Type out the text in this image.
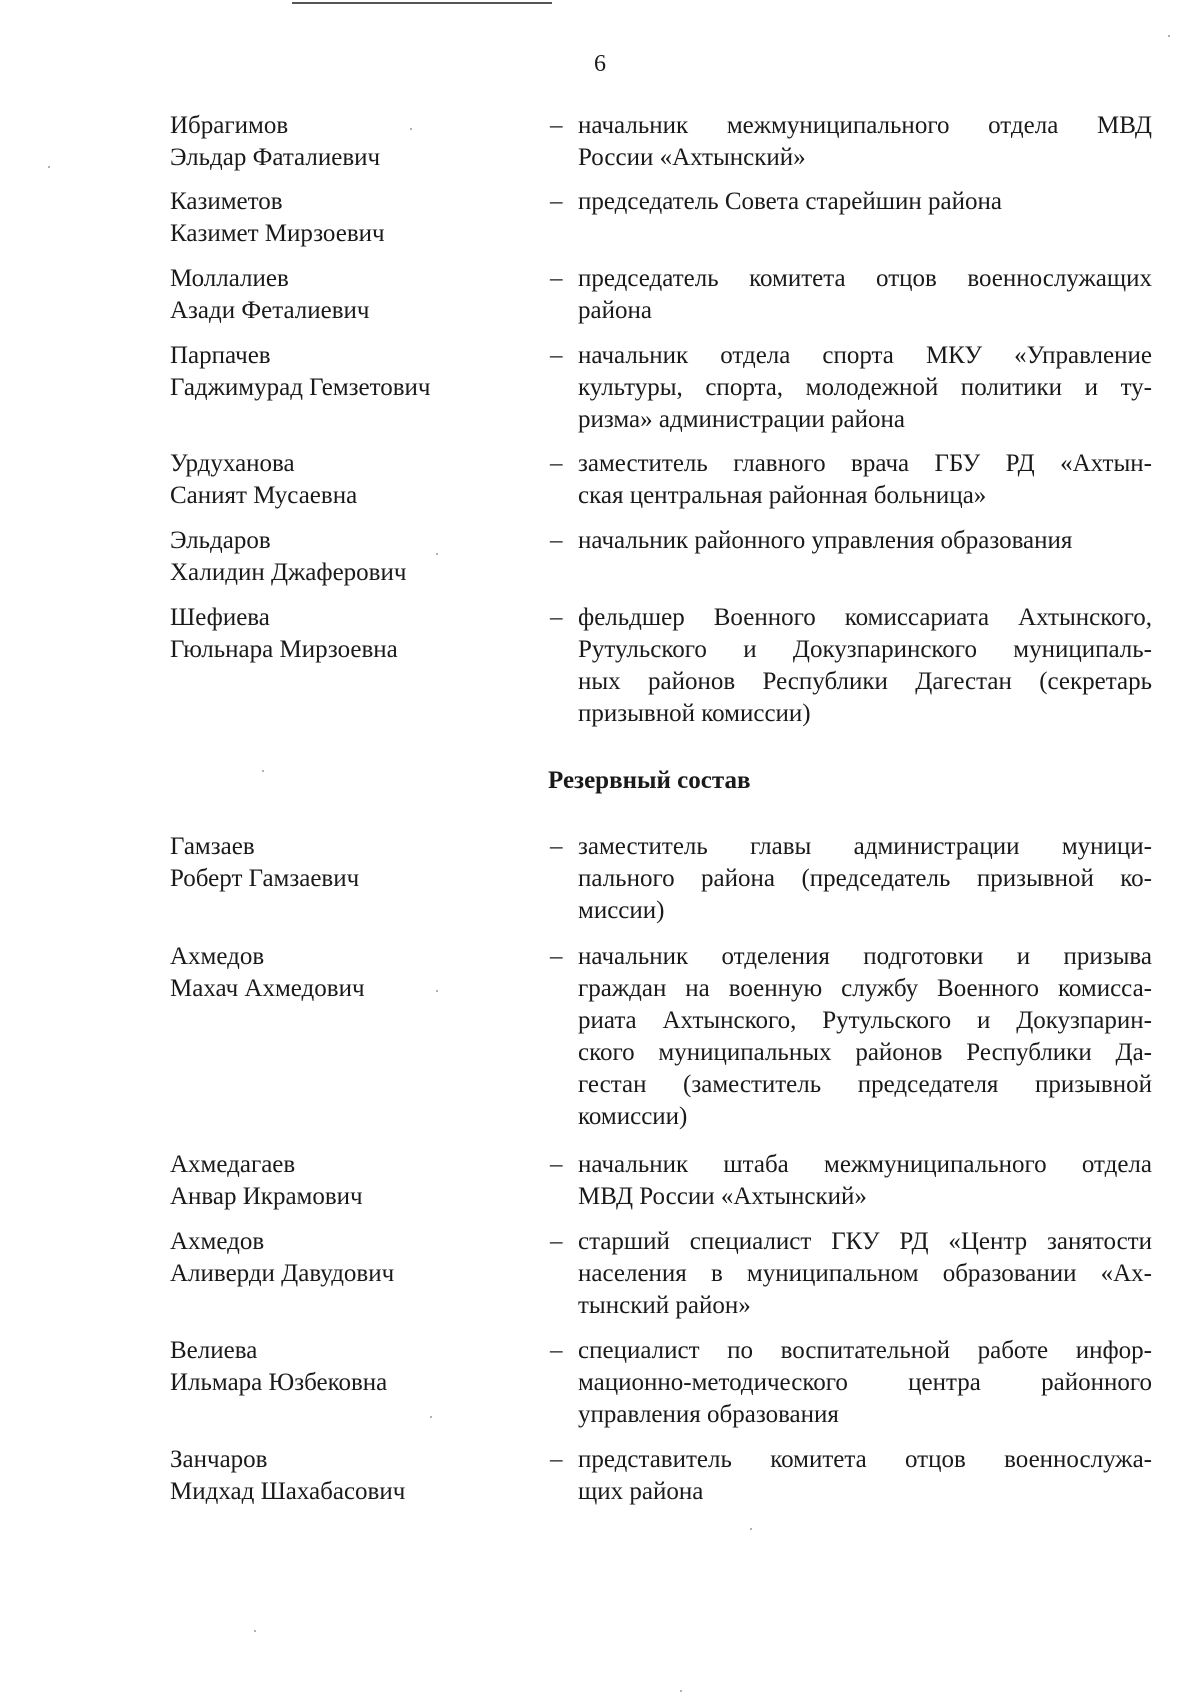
6
Ибрагимов
Эльдар Фаталиевич
– начальник межмуниципального отдела МВД
России «Ахтынский»
Казиметов
Казимет Мирзоевич
– председатель Совета старейшин района
Моллалиев
Азади Фeталиевич
– председатель комитета отцов военнослужащих
района
Парпачев
Гаджимурад Гемзетович
– начальник отдела спорта МКУ «Управление
культуры, спорта, молодежной политики и ту-
ризма» администрации района
Урдуханова
Саният Мусаевна
– заместитель главного врача ГБУ РД «Ахтын-
ская центральная районная больница»
Эльдаров
Халидин Джаферович
– начальник районного управления образования
Шефиева
Гюльнара Мирзоевна
– фельдшер Военного комиссариата Ахтынского,
Рутульского и Докузпаринского муниципаль-
ных районов Республики Дагестан (секретарь
призывной комиссии)
Резервный состав
Гамзаев
Роберт Гамзаевич
– заместитель главы администрации муници-
пального района (председатель призывной ко-
миссии)
Ахмедов
Махач Ахмедович
– начальник отделения подготовки и призыва
граждан на военную службу Военного комисса-
риата Ахтынского, Рутульского и Докузпарин-
ского муниципальных районов Республики Да-
гестан (заместитель председателя призывной
комиссии)
Ахмедагаев
Анвар Икрамович
– начальник штаба межмуниципального отдела
МВД России «Ахтынский»
Ахмедов
Аливерди Давудович
– старший специалист ГКУ РД «Центр занятости
населения в муниципальном образовании «Ах-
тынский район»
Велиева
Ильмара Юзбековна
– специалист по воспитательной работе инфор-
мационно-методического центра районного
управления образования
Занчаров
Мидхад Шахабасович
– представитель комитета отцов военнослужа-
щих района
